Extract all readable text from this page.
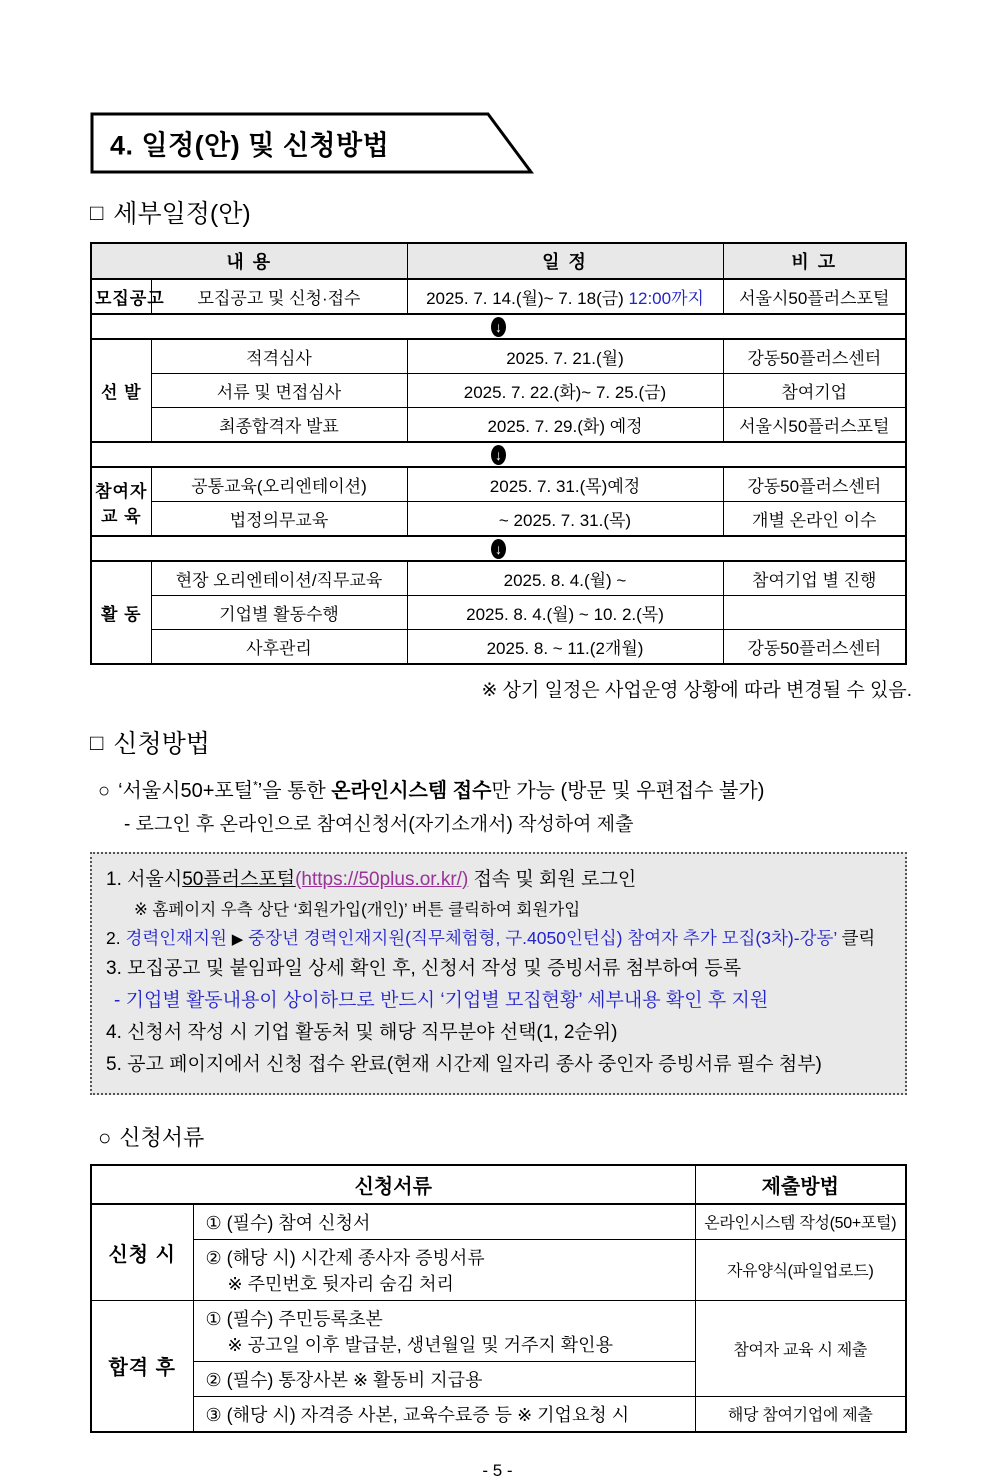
4. 일정(안) 및 신청방법
□ 세부일정(안)
내 용		일 정	비 고
모집공고	모집공고 및 신청·접수	2025. 7. 14.(월)~ 7. 18(금) 12:00까지	서울시50플러스포털
↓			
선 발	적격심사	2025. 7. 21.(월)	강동50플러스센터
	서류 및 면접심사	2025. 7. 22.(화)~ 7. 25.(금)	참여기업
	최종합격자 발표	2025. 7. 29.(화) 예정	서울시50플러스포털
↓			

참여자
교 육	공통교육(오리엔테이션)	2025. 7. 31.(목)예정	강동50플러스센터
	법정의무교육	~ 2025. 7. 31.(목)	개별 온라인 이수
↓			
활 동	현장 오리엔테이션/직무교육	2025. 8. 4.(월) ~	참여기업 별 진행
	기업별 활동수행	2025. 8. 4.(월) ~ 10. 2.(목)	
	사후관리	2025. 8. ~ 11.(2개월)	강동50플러스센터
※ 상기 일정은 사업운영 상황에 따라 변경될 수 있음.
□ 신청방법
○ ‘서울시50+포털*’을 통한 온라인시스템 접수만 가능 (방문 및 우편접수 불가)
- 로그인 후 온라인으로 참여신청서(자기소개서) 작성하여 제출
1. 서울시50플러스포털(https://50plus.or.kr/) 접속 및 회원 로그인
※ 홈페이지 우측 상단 ‘회원가입(개인)’ 버튼 클릭하여 회원가입
2. 경력인재지원 ▶ 중장년 경력인재지원(직무체험형, 구.4050인턴십) 참여자 추가 모집(3차)-강동’ 클릭
3. 모집공고 및 붙임파일 상세 확인 후, 신청서 작성 및 증빙서류 첨부하여 등록
- 기업별 활동내용이 상이하므로 반드시 ‘기업별 모집현황’ 세부내용 확인 후 지원
4. 신청서 작성 시 기업 활동처 및 해당 직무분야 선택(1, 2순위)
5. 공고 페이지에서 신청 접수 완료(현재 시간제 일자리 종사 중인자 증빙서류 필수 첨부)
○ 신청서류
신청서류		제출방법
신청 시	① (필수) 참여 신청서	온라인시스템 작성(50+포털)

	② (해당 시) 시간제 종사자 증빙서류
※ 주민번호 뒷자리 숨김 처리	자유양식(파일업로드)
합격 후	① (필수) 주민등록초본
※ 공고일 이후 발급분, 생년월일 및 거주지 확인용	참여자 교육 시 제출
	② (필수) 통장사본 ※ 활동비 지급용	
	③ (해당 시) 자격증 사본, 교육수료증 등 ※ 기업요청 시	해당 참여기업에 제출
- 5 -
